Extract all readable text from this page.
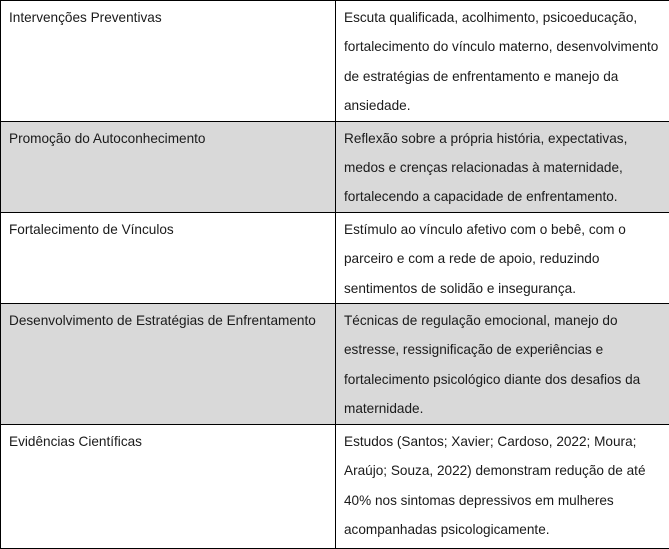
Intervenções Preventivas	Escuta qualificada, acolhimento, psicoeducação, fortalecimento do vínculo materno, desenvolvimento de estratégias de enfrentamento e manejo da ansiedade.

Promoção do Autoconhecimento	Reflexão sobre a própria história, expectativas, medos e crenças relacionadas à maternidade, fortalecendo a capacidade de enfrentamento.

Fortalecimento de Vínculos	Estímulo ao vínculo afetivo com o bebê, com o parceiro e com a rede de apoio, reduzindo sentimentos de solidão e insegurança.

Desenvolvimento de Estratégias de Enfrentamento	Técnicas de regulação emocional, manejo do estresse, ressignificação de experiências e fortalecimento psicológico diante dos desafios da maternidade.

Evidências Científicas	Estudos (Santos; Xavier; Cardoso, 2022; Moura; Araújo; Souza, 2022) demonstram redução de até 40% nos sintomas depressivos em mulheres acompanhadas psicologicamente.
